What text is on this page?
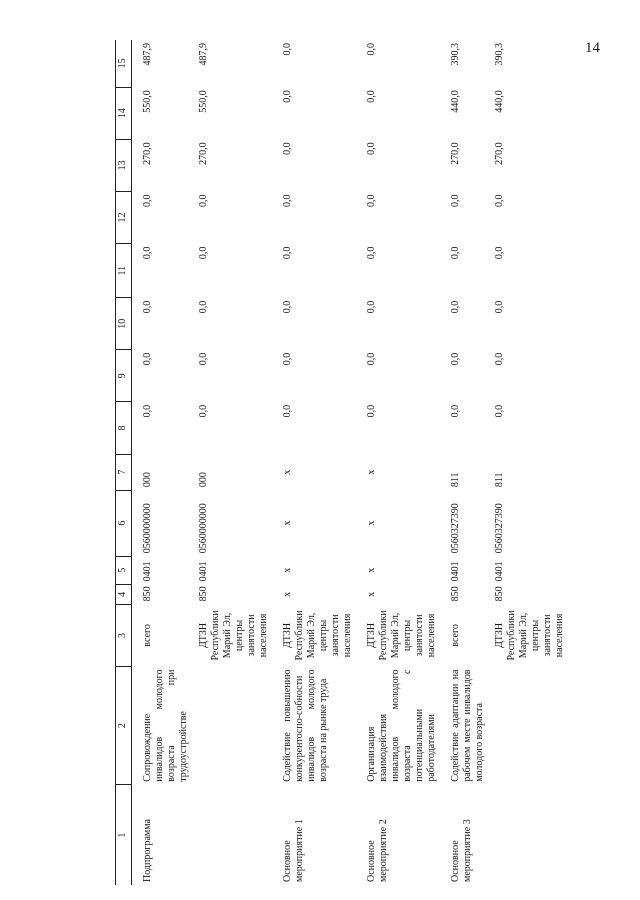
14
1	2	3	4	5	6	7	8	9	10	11	12	13	14	15
Подпрограмма	Сопровождение инвалидов молодого возраста при трудоустройстве	всего	850	0401	0560000000	000	0,0	0,0	0,0	0,0	0,0	270,0	550,0	487,9
		ДТЗН Республики Марий Эл, центры занятости населения	850	0401	0560000000	000	0,0	0,0	0,0	0,0	0,0	270,0	550,0	487,9
Основное мероприятие 1	Содействие повышению конкурентоспо-собности инвалидов молодого возраста на рынке труда	ДТЗН Республики Марий Эл, центры занятости населения	x	x	x	x	0,0	0,0	0,0	0,0	0,0	0,0	0,0	0,0
Основное мероприятие 2	Организация взаимодействия инвалидов молодого возраста с потенциальными работодателями	ДТЗН Республики Марий Эл, центры занятости населения	x	x	x	x	0,0	0,0	0,0	0,0	0,0	0,0	0,0	0,0
Основное мероприятие 3	Содействие адаптации на рабочем месте инвалидов молодого возраста	всего	850	0401	0560327390	811	0,0	0,0	0,0	0,0	0,0	270,0	440,0	390,3
		ДТЗН Республики Марий Эл, центры занятости населения	850	0401	0560327390	811	0,0	0,0	0,0	0,0	0,0	270,0	440,0	390,3
